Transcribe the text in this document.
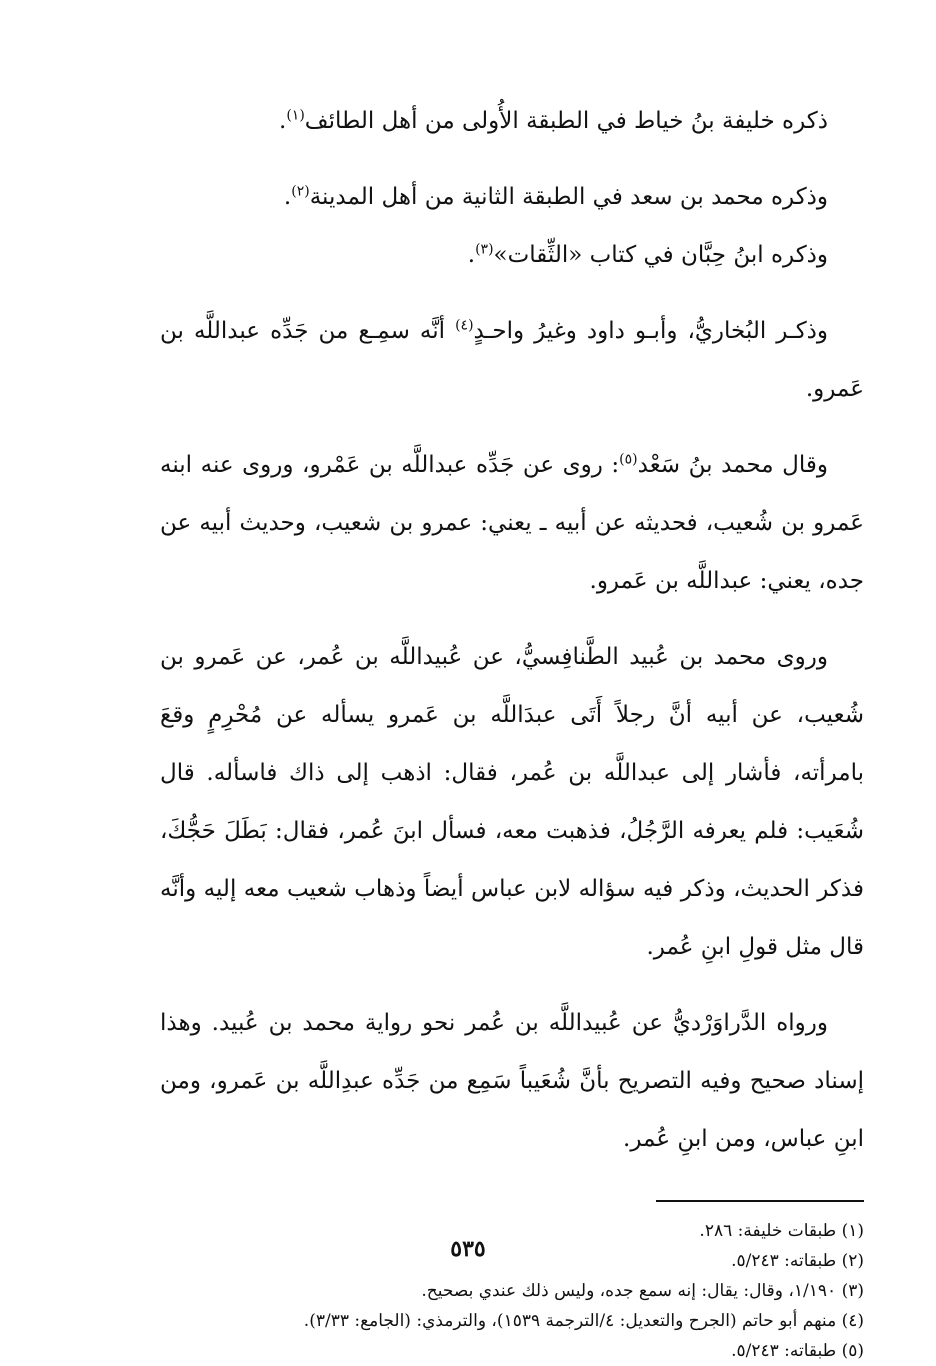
ذكره خليفة بنُ خياط في الطبقة الأُولى من أهل الطائف$^{(١)}$.

وذكره محمد بن سعد في الطبقة الثانية من أهل المدينة$^{(٢)}$.

وذكره ابنُ حِبَّان في كتاب «الثِّقات»$^{(٣)}$.

وذكـر البُخاريُّ، وأبـو داود وغيرُ واحـدٍ$^{(٤)}$ أنَّه سمِـع من جَدِّه عبداللَّه بن عَمرو.

وقال محمد بنُ سَعْد$^{(٥)}$: روى عن جَدِّه عبداللَّه بن عَمْرو، وروى عنه ابنه عَمرو بن شُعيب، فحديثه عن أبيه ـ يعني: عمرو بن شعيب، وحديث أبيه عن جده، يعني: عبداللَّه بن عَمرو.

وروى محمد بن عُبيد الطَّنافِسيُّ، عن عُبيداللَّه بن عُمر، عن عَمرو بن شُعيب، عن أبيه أنَّ رجلاً أَتَى عبدَاللَّه بن عَمرو يسأله عن مُحْرِمٍ وقعَ بامرأته، فأشار إلى عبداللَّه بن عُمر، فقال: اذهب إلى ذاك فاسأله. قال شُعَيب: فلم يعرفه الرَّجُلُ، فذهبت معه، فسأل ابنَ عُمر، فقال: بَطَلَ حَجُّكَ، فذكر الحديث، وذكر فيه سؤاله لابن عباس أيضاً وذهاب شعيب معه إليه وأنَّه قال مثل قولِ ابنِ عُمر.

ورواه الدَّراوَرْديُّ عن عُبيداللَّه بن عُمر نحو رواية محمد بن عُبيد. وهذا إسناد صحيح وفيه التصريح بأنَّ شُعَيباً سَمِع من جَدِّه عبدِاللَّه بن عَمرو، ومن ابنِ عباس، ومن ابنِ عُمر.

(١) طبقات خليفة: ٢٨٦.

(٢) طبقاته: ٥/٢٤٣.

(٣) ١/١٩٠، وقال: يقال: إنه سمع جده، وليس ذلك عندي بصحيح.

(٤) منهم أبو حاتم (الجرح والتعديل: ٤/الترجمة ١٥٣٩)، والترمذي: (الجامع: ٣/٣٣).

(٥) طبقاته: ٥/٢٤٣.

٥٣٥
